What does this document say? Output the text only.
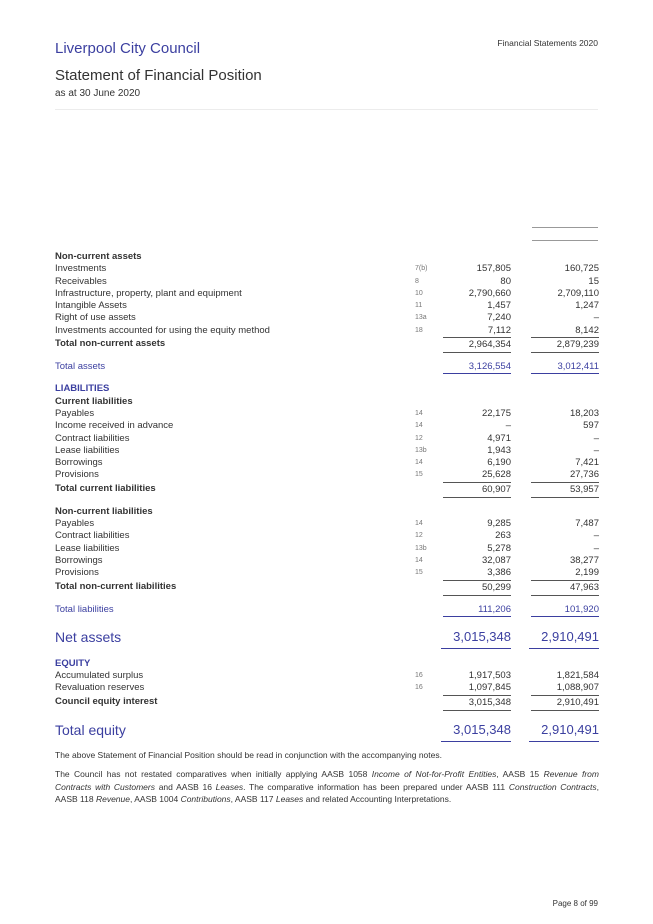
Liverpool City Council	Financial Statements 2020
Statement of Financial Position
as at 30 June 2020
Non-current assets
Investments	7(b)	157,805	160,725
Receivables	8	80	15
Infrastructure, property, plant and equipment	10	2,790,660	2,709,110
Intangible Assets	11	1,457	1,247
Right of use assets	13a	7,240	–
Investments accounted for using the equity method	18	7,112	8,142
Total non-current assets	2,964,354	2,879,239
Total assets	3,126,554	3,012,411
LIABILITIES
Current liabilities
Payables	14	22,175	18,203
Income received in advance	14	–	597
Contract liabilities	12	4,971	–
Lease liabilities	13b	1,943	–
Borrowings	14	6,190	7,421
Provisions	15	25,628	27,736
Total current liabilities	60,907	53,957
Non-current liabilities
Payables	14	9,285	7,487
Contract liabilities	12	263	–
Lease liabilities	13b	5,278	–
Borrowings	14	32,087	38,277
Provisions	15	3,386	2,199
Total non-current liabilities	50,299	47,963
Total liabilities	111,206	101,920
Net assets	3,015,348	2,910,491
EQUITY
Accumulated surplus	16	1,917,503	1,821,584
Revaluation reserves	16	1,097,845	1,088,907
Council equity interest	3,015,348	2,910,491
Total equity	3,015,348	2,910,491
The above Statement of Financial Position should be read in conjunction with the accompanying notes.
The Council has not restated comparatives when initially applying AASB 1058 Income of Not-for-Profit Entities, AASB 15 Revenue from Contracts with Customers and AASB 16 Leases. The comparative information has been prepared under AASB 111 Construction Contracts, AASB 118 Revenue, AASB 1004 Contributions, AASB 117 Leases and related Accounting Interpretations.
Page 8 of 99
